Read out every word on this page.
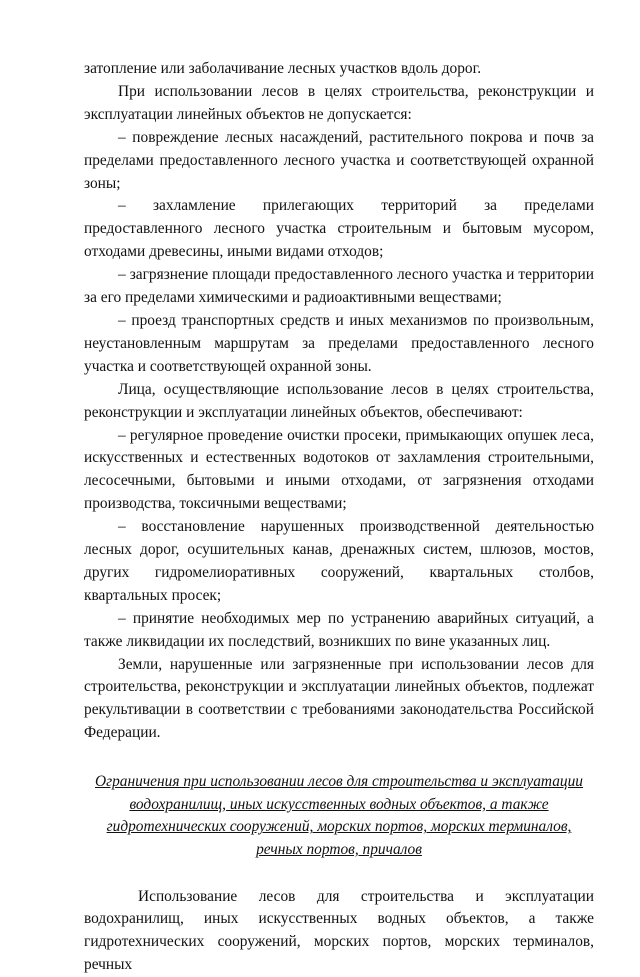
затопление или заболачивание лесных участков вдоль дорог.

При использовании лесов в целях строительства, реконструкции и эксплуатации линейных объектов не допускается:

– повреждение лесных насаждений, растительного покрова и почв за пределами предоставленного лесного участка и соответствующей охранной зоны;

– захламление прилегающих территорий за пределами предоставленного лесного участка строительным и бытовым мусором, отходами древесины, иными видами отходов;

– загрязнение площади предоставленного лесного участка и территории за его пределами химическими и радиоактивными веществами;

– проезд транспортных средств и иных механизмов по произвольным, неустановленным маршрутам за пределами предоставленного лесного участка и соответствующей охранной зоны.

Лица, осуществляющие использование лесов в целях строительства, реконструкции и эксплуатации линейных объектов, обеспечивают:

– регулярное проведение очистки просеки, примыкающих опушек леса, искусственных и естественных водотоков от захламления строительными, лесосечными, бытовыми и иными отходами, от загрязнения отходами производства, токсичными веществами;

– восстановление нарушенных производственной деятельностью лесных дорог, осушительных канав, дренажных систем, шлюзов, мостов, других гидромелиоративных сооружений, квартальных столбов, квартальных просек;

– принятие необходимых мер по устранению аварийных ситуаций, а также ликвидации их последствий, возникших по вине указанных лиц.

Земли, нарушенные или загрязненные при использовании лесов для строительства, реконструкции и эксплуатации линейных объектов, подлежат рекультивации в соответствии с требованиями законодательства Российской Федерации.

Ограничения при использовании лесов для строительства и эксплуатации водохранилищ, иных искусственных водных объектов, а также гидротехнических сооружений, морских портов, морских терминалов, речных портов, причалов

Использование лесов для строительства и эксплуатации водохранилищ, иных искусственных водных объектов, а также гидротехнических сооружений, морских портов, морских терминалов, речных
